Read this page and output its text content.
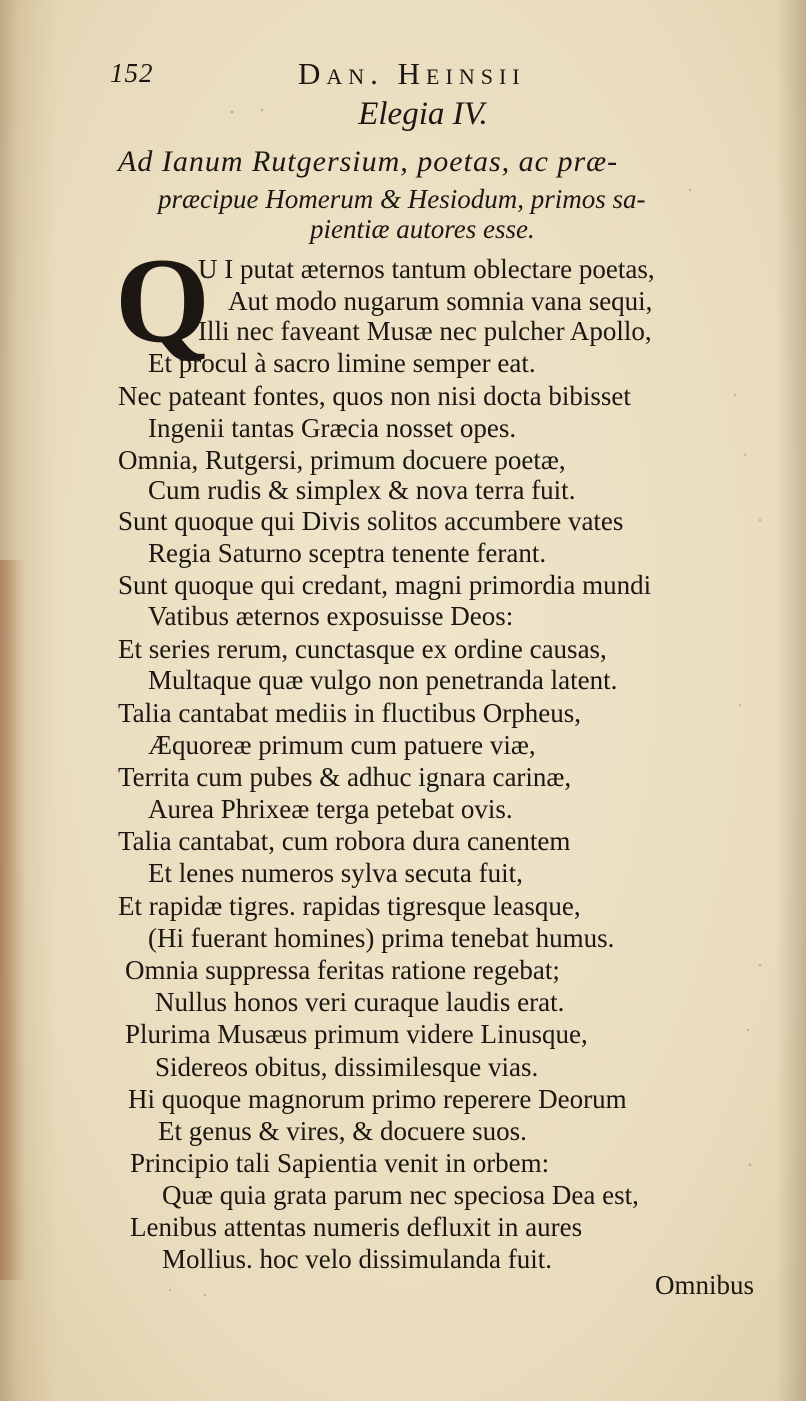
152	Dan. Heinsii
Elegia IV.
Ad Ianum Rutgersium, poetas, ac præ-
præcipue Homerum & Hesiodum, primos sa-
pientiæ autores esse.
Q
U I putat æternos tantum oblectare poetas,
Aut modo nugarum somnia vana sequi,
Illi nec faveant Musæ nec pulcher Apollo,
Et procul à sacro limine semper eat.
Nec pateant fontes, quos non nisi docta bibisset
Ingenii tantas Græcia nosset opes.
Omnia, Rutgersi, primum docuere poetæ,
Cum rudis & simplex & nova terra fuit.
Sunt quoque qui Divis solitos accumbere vates
Regia Saturno sceptra tenente ferant.
Sunt quoque qui credant, magni primordia mundi
Vatibus æternos exposuisse Deos:
Et series rerum, cunctasque ex ordine causas,
Multaque quæ vulgo non penetranda latent.
Talia cantabat mediis in fluctibus Orpheus,
Æquoreæ primum cum patuere viæ,
Territa cum pubes & adhuc ignara carinæ,
Aurea Phrixeæ terga petebat ovis.
Talia cantabat, cum robora dura canentem
Et lenes numeros sylva secuta fuit,
Et rapidæ tigres. rapidas tigresque leasque,
(Hi fuerant homines) prima tenebat humus.
Omnia suppressa feritas ratione regebat;
Nullus honos veri curaque laudis erat.
Plurima Musæus primum videre Linusque,
Sidereos obitus, dissimilesque vias.
Hi quoque magnorum primo reperere Deorum
Et genus & vires, & docuere suos.
Principio tali Sapientia venit in orbem:
Quæ quia grata parum nec speciosa Dea est,
Lenibus attentas numeris defluxit in aures
Mollius. hoc velo dissimulanda fuit.
Omnibus
